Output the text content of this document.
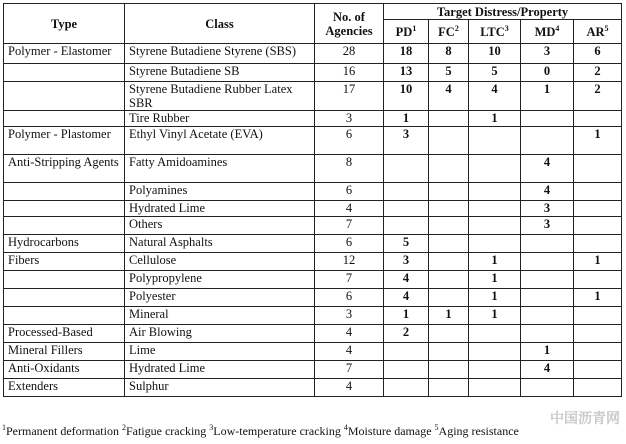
Type	Class	No. of Agencies	Target Distress/Property				
			$PD^1$	$FC^2$	LTC$^3$	$MD^4$	$AR^5$
Polymer - Elastomer	Styrene Butadiene Styrene (SBS)	28	18	8	10	3	6
	Styrene Butadiene SB	16	13	5	5	0	2
	Styrene Butadiene Rubber Latex SBR	17	10	4	4	1	2
	Tire Rubber	3	1		1		
Polymer - Plastomer	Ethyl Vinyl Acetate (EVA)	6	3				1
Anti-Stripping Agents	Fatty Amidoamines	8				4	
	Polyamines	6				4	
	Hydrated Lime	4				3	
	Others	7				3	
Hydrocarbons	Natural Asphalts	6	5				
Fibers	Cellulose	12	3		1		1
	Polypropylene	7	4		1		
	Polyester	6	4		1		1
	Mineral	3	1	1	1		
Processed-Based	Air Blowing	4	2				
Mineral Fillers	Lime	4				1	
Anti-Oxidants	Hydrated Lime	7				4	
Extenders	Sulphur	4					
$^1$Permanent deformation $^2$Fatigue cracking $^3$Low-temperature cracking $^4$Moisture damage $^5$Aging resistance
中国沥青网
